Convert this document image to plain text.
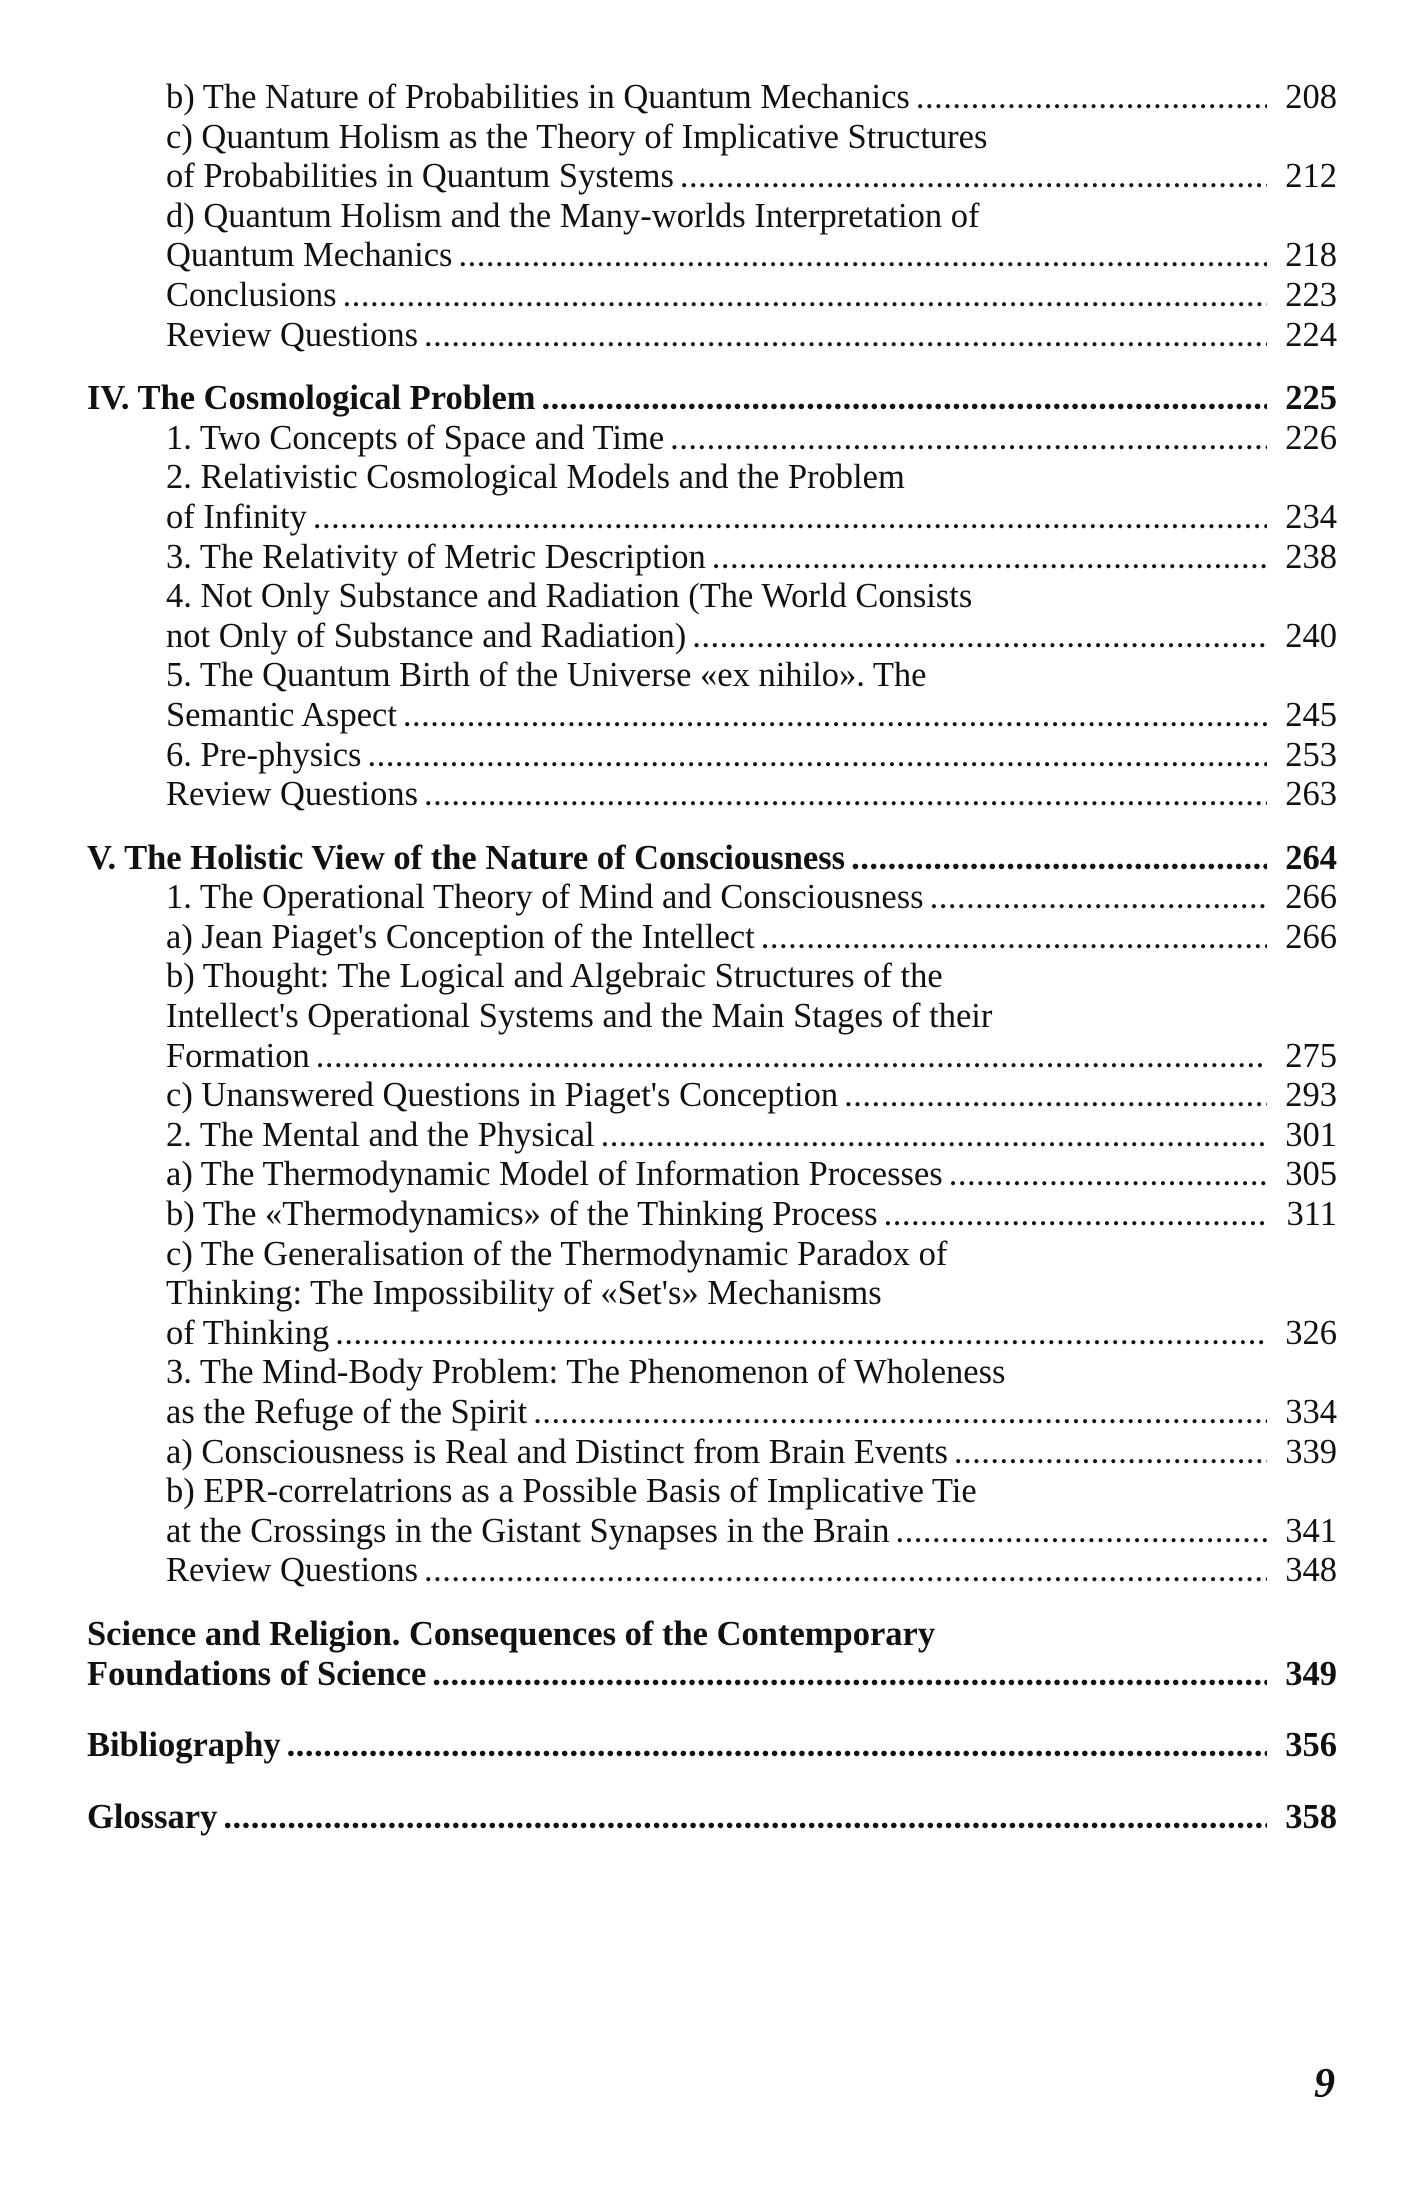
b) The Nature of Probabilities in Quantum Mechanics .....	208
c) Quantum Holism as the Theory of Implicative Structures
of Probabilities in Quantum Systems .....	212
d) Quantum Holism and the Many-worlds Interpretation of
Quantum Mechanics .....	218
Conclusions .....	223
Review Questions .....	224
IV. The Cosmological Problem .....	225
1. Two Concepts of Space and Time .....	226
2. Relativistic Cosmological Models and the Problem
of Infinity .....	234
3. The Relativity of Metric Description .....	238
4. Not Only Substance and Radiation (The World Consists
not Only of Substance and Radiation) .....	240
5. The Quantum Birth of the Universe «ex nihilo». The
Semantic Aspect .....	245
6. Pre-physics .....	253
Review Questions .....	263
V. The Holistic View of the Nature of Consciousness .....	264
1. The Operational Theory of Mind and Consciousness .....	266
a) Jean Piaget's Conception of the Intellect .....	266
b) Thought: The Logical and Algebraic Structures of the
Intellect's Operational Systems and the Main Stages of their
Formation .....	275
c) Unanswered Questions in Piaget's Conception .....	293
2. The Mental and the Physical .....	301
a) The Thermodynamic Model of Information Processes .....	305
b) The «Thermodynamics» of the Thinking Process .....	311
c) The Generalisation of the Thermodynamic Paradox of
Thinking: The Impossibility of «Set's» Mechanisms
of Thinking .....	326
3. The Mind-Body Problem: The Phenomenon of Wholeness
as the Refuge of the Spirit .....	334
a) Consciousness is Real and Distinct from Brain Events .....	339
b) EPR-correlatrions as a Possible Basis of Implicative Tie
at the Crossings in the Gistant Synapses in the Brain .....	341
Review Questions .....	348
Science and Religion. Consequences of the Contemporary
Foundations of Science .....	349
Bibliography .....	356
Glossary .....	358
9
